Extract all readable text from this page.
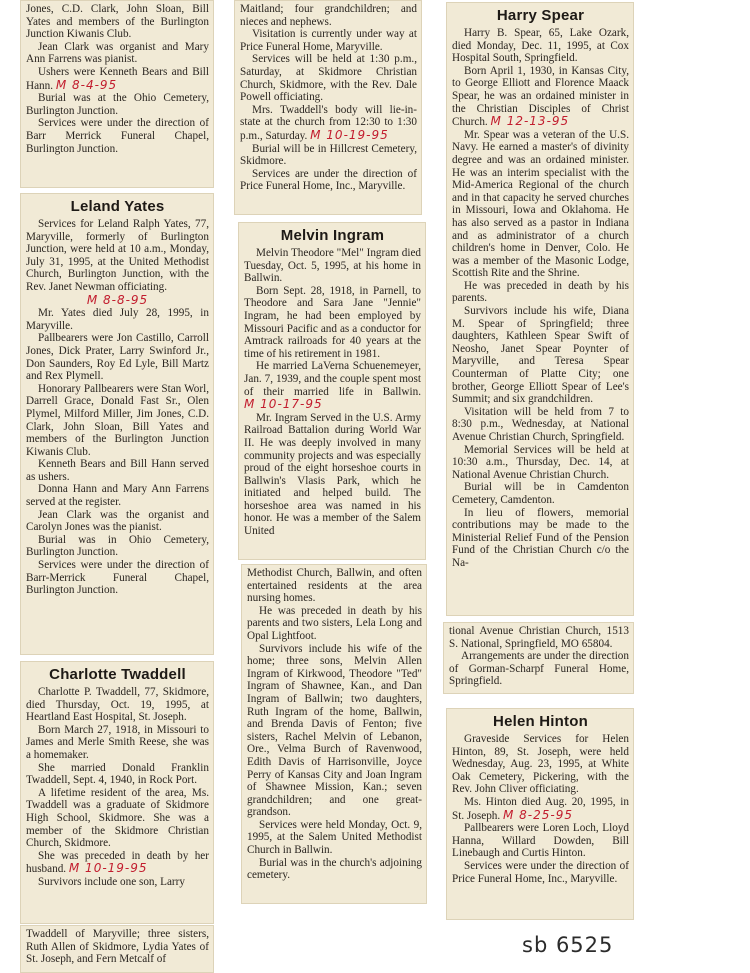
Jones, C.D. Clark, John Sloan, Bill Yates and members of the Burlington Junction Kiwanis Club.

Jean Clark was organist and Mary Ann Farrens was pianist.

Ushers were Kenneth Bears and Bill Hann. M 8-4-95

Burial was at the Ohio Cemetery, Burlington Junction.

Services were under the direction of Barr Merrick Funeral Chapel, Burlington Junction.

Leland Yates

Services for Leland Ralph Yates, 77, Maryville, formerly of Burlington Junction, were held at 10 a.m., Monday, July 31, 1995, at the United Methodist Church, Burlington Junction, with the Rev. Janet Newman officiating.

M 8-8-95

Mr. Yates died July 28, 1995, in Maryville.

Pallbearers were Jon Castillo, Carroll Jones, Dick Prater, Larry Swinford Jr., Don Saunders, Roy Ed Lyle, Bill Martz and Rex Plymell.

Honorary Pallbearers were Stan Worl, Darrell Grace, Donald Fast Sr., Olen Plymel, Milford Miller, Jim Jones, C.D. Clark, John Sloan, Bill Yates and members of the Burlington Junction Kiwanis Club.

Kenneth Bears and Bill Hann served as ushers.

Donna Hann and Mary Ann Farrens served at the register.

Jean Clark was the organist and Carolyn Jones was the pianist.

Burial was in Ohio Cemetery, Burlington Junction.

Services were under the direction of Barr-Merrick Funeral Chapel, Burlington Junction.

Charlotte Twaddell

Charlotte P. Twaddell, 77, Skidmore, died Thursday, Oct. 19, 1995, at Heartland East Hospital, St. Joseph.

Born March 27, 1918, in Missouri to James and Merle Smith Reese, she was a homemaker.

She married Donald Franklin Twaddell, Sept. 4, 1940, in Rock Port.

A lifetime resident of the area, Ms. Twaddell was a graduate of Skidmore High School, Skidmore. She was a member of the Skidmore Christian Church, Skidmore.

She was preceded in death by her husband. M 10-19-95

Survivors include one son, Larry

Twaddell of Maryville; three sisters, Ruth Allen of Skidmore, Lydia Yates of St. Joseph, and Fern Metcalf of

Maitland; four grandchildren; and nieces and nephews.

Visitation is currently under way at Price Funeral Home, Maryville.

Services will be held at 1:30 p.m., Saturday, at Skidmore Christian Church, Skidmore, with the Rev. Dale Powell officiating.

Mrs. Twaddell's body will lie-in-state at the church from 12:30 to 1:30 p.m., Saturday. M 10-19-95

Burial will be in Hillcrest Cemetery, Skidmore.

Services are under the direction of Price Funeral Home, Inc., Maryville.

Melvin Ingram

Melvin Theodore "Mel" Ingram died Tuesday, Oct. 5, 1995, at his home in Ballwin.

Born Sept. 28, 1918, in Parnell, to Theodore and Sara Jane "Jennie" Ingram, he had been employed by Missouri Pacific and as a conductor for Amtrack railroads for 40 years at the time of his retirement in 1981.

He married LaVerna Schuenemeyer, Jan. 7, 1939, and the couple spent most of their married life in Ballwin. M 10-17-95

Mr. Ingram Served in the U.S. Army Railroad Battalion during World War II. He was deeply involved in many community projects and was especially proud of the eight horseshoe courts in Ballwin's Vlasis Park, which he initiated and helped build. The horseshoe area was named in his honor. He was a member of the Salem United

Methodist Church, Ballwin, and often entertained residents at the area nursing homes.

He was preceded in death by his parents and two sisters, Lela Long and Opal Lightfoot.

Survivors include his wife of the home; three sons, Melvin Allen Ingram of Kirkwood, Theodore "Ted" Ingram of Shawnee, Kan., and Dan Ingram of Ballwin; two daughters, Ruth Ingram of the home, Ballwin, and Brenda Davis of Fenton; five sisters, Rachel Melvin of Lebanon, Ore., Velma Burch of Ravenwood, Edith Davis of Harrisonville, Joyce Perry of Kansas City and Joan Ingram of Shawnee Mission, Kan.; seven grandchildren; and one great-grandson.

Services were held Monday, Oct. 9, 1995, at the Salem United Methodist Church in Ballwin.

Burial was in the church's adjoining cemetery.

Harry Spear

Harry B. Spear, 65, Lake Ozark, died Monday, Dec. 11, 1995, at Cox Hospital South, Springfield.

Born April 1, 1930, in Kansas City, to George Elliott and Florence Maack Spear, he was an ordained minister in the Christian Disciples of Christ Church. M 12-13-95

Mr. Spear was a veteran of the U.S. Navy. He earned a master's of divinity degree and was an ordained minister. He was an interim specialist with the Mid-America Regional of the church and in that capacity he served churches in Missouri, Iowa and Oklahoma. He has also served as a pastor in Indiana and as administrator of a church children's home in Denver, Colo. He was a member of the Masonic Lodge, Scottish Rite and the Shrine.

He was preceded in death by his parents.

Survivors include his wife, Diana M. Spear of Springfield; three daughters, Kathleen Spear Swift of Neosho, Janet Spear Poynter of Maryville, and Teresa Spear Counterman of Platte City; one brother, George Elliott Spear of Lee's Summit; and six grandchildren.

Visitation will be held from 7 to 8:30 p.m., Wednesday, at National Avenue Christian Church, Springfield.

Memorial Services will be held at 10:30 a.m., Thursday, Dec. 14, at National Avenue Christian Church.

Burial will be in Camdenton Cemetery, Camdenton.

In lieu of flowers, memorial contributions may be made to the Ministerial Relief Fund of the Pension Fund of the Christian Church c/o the Na-

tional Avenue Christian Church, 1513 S. National, Springfield, MO 65804.

Arrangements are under the direction of Gorman-Scharpf Funeral Home, Springfield.

Helen Hinton

Graveside Services for Helen Hinton, 89, St. Joseph, were held Wednesday, Aug. 23, 1995, at White Oak Cemetery, Pickering, with the Rev. John Cliver officiating.

Ms. Hinton died Aug. 20, 1995, in St. Joseph. M 8-25-95

Pallbearers were Loren Loch, Lloyd Hanna, Willard Dowden, Bill Linebaugh and Curtis Hinton.

Services were under the direction of Price Funeral Home, Inc., Maryville.

sb 6525
